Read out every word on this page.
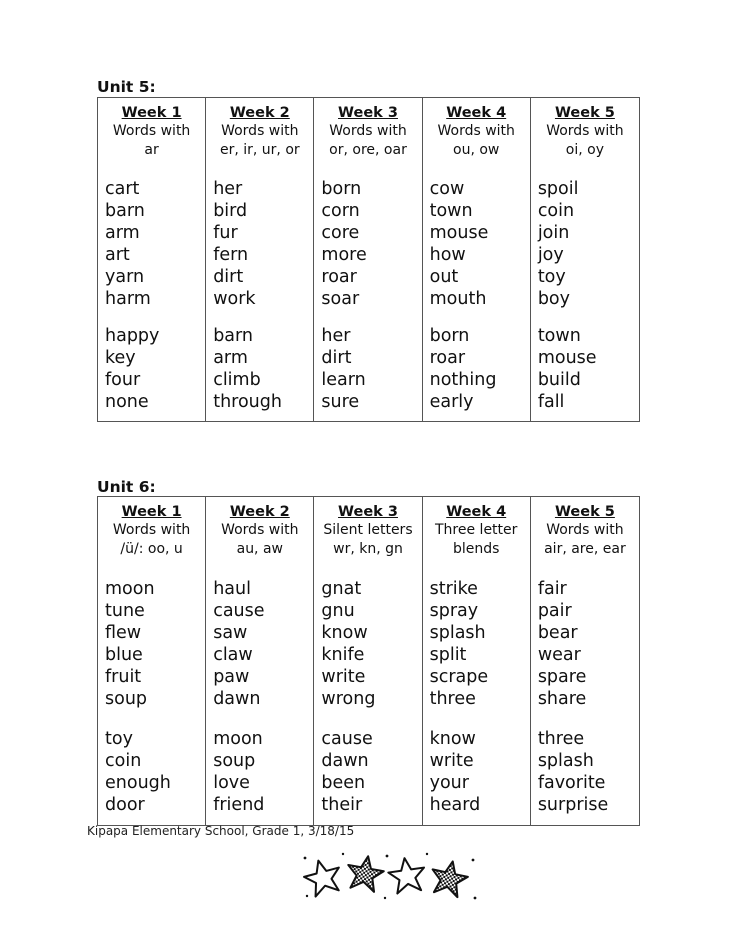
Unit 5:
Week 1
Words with
ar
cart
barn
arm
art
yarn
harm
happy
key
four
none
Week 2
Words with
er, ir, ur, or
her
bird
fur
fern
dirt
work
barn
arm
climb
through
Week 3
Words with
or, ore, oar
born
corn
core
more
roar
soar
her
dirt
learn
sure
Week 4
Words with
ou, ow
cow
town
mouse
how
out
mouth
born
roar
nothing
early
Week 5
Words with
oi, oy
spoil
coin
join
joy
toy
boy
town
mouse
build
fall
Unit 6:
Week 1
Words with
/ü/: oo, u
moon
tune
flew
blue
fruit
soup
toy
coin
enough
door
Week 2
Words with
au, aw
haul
cause
saw
claw
paw
dawn
moon
soup
love
friend
Week 3
Silent letters
wr, kn, gn
gnat
gnu
know
knife
write
wrong
cause
dawn
been
their
Week 4
Three letter
blends
strike
spray
splash
split
scrape
three
know
write
your
heard
Week 5
Words with
air, are, ear
fair
pair
bear
wear
spare
share
three
splash
favorite
surprise
Kipapa Elementary School, Grade 1, 3/18/15
